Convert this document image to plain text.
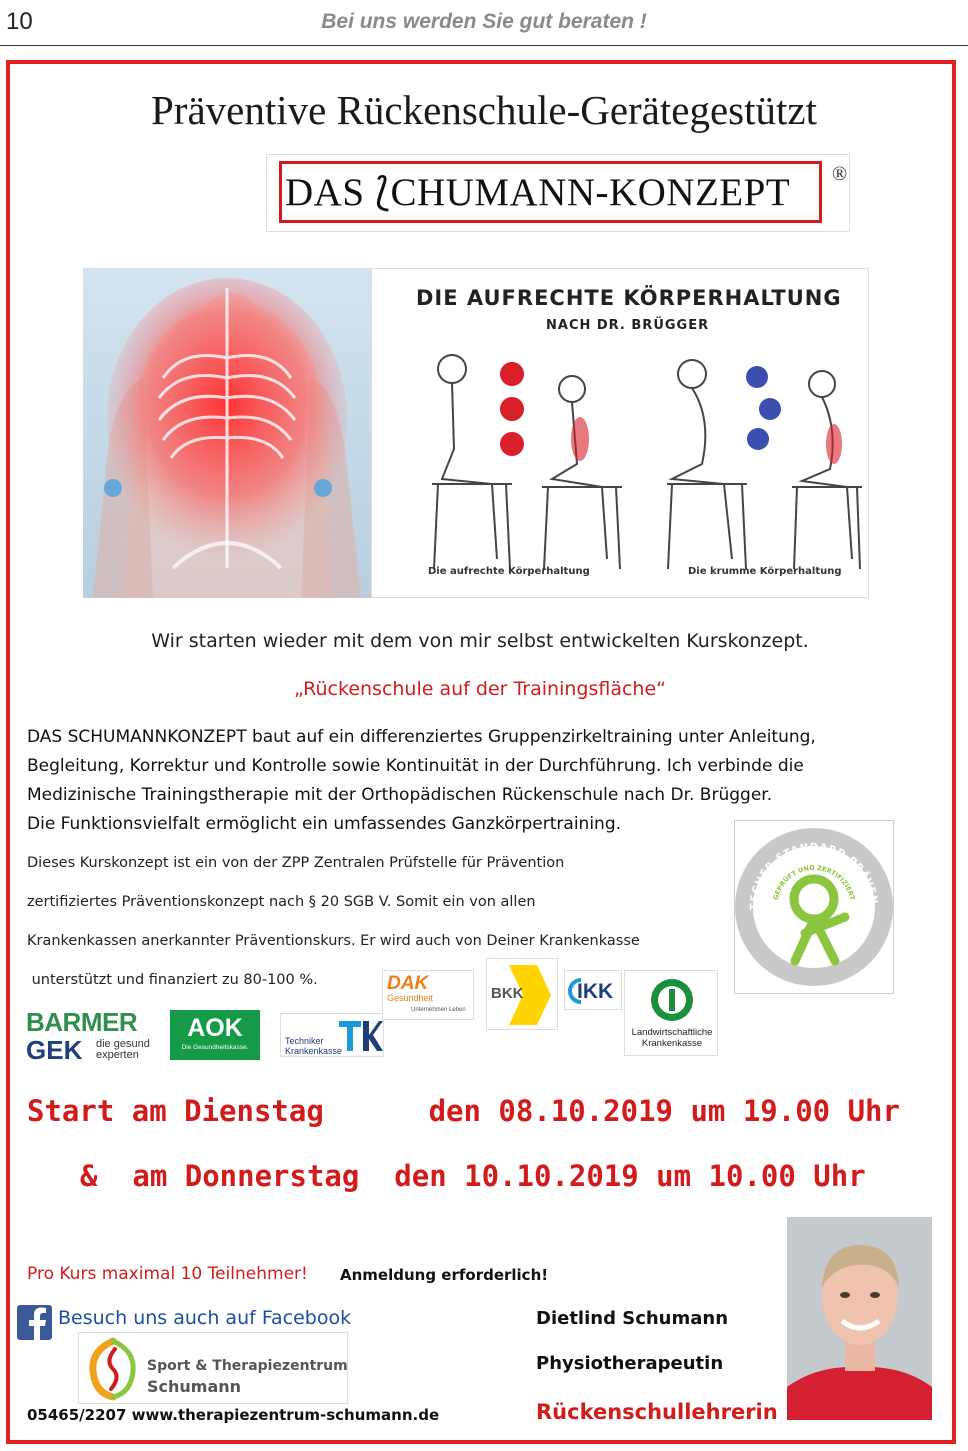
10	Bei uns werden Sie gut beraten !
Präventive Rückenschule-Gerätegestützt
DAS ⟅CHUMANN-KONZEPT ®
DIE AUFRECHTE KÖRPERHALTUNG
NACH DR. BRÜGGER
Die aufrechte Körperhaltung	Die krumme Körperhaltung
Wir starten wieder mit dem von mir selbst entwickelten Kurskonzept.
„Rückenschule auf der Trainingsfläche“
DAS SCHUMANNKONZEPT baut auf ein differenziertes Gruppenzirkeltraining unter Anleitung,
Begleitung, Korrektur und Kontrolle sowie Kontinuität in der Durchführung. Ich verbinde die
Medizinische Trainingstherapie mit der Orthopädischen Rückenschule nach Dr. Brügger.
Die Funktionsvielfalt ermöglicht ein umfassendes Ganzkörpertraining.
Dieses Kurskonzept ist ein von der ZPP Zentralen Prüfstelle für Prävention
zertifiziertes Präventionskonzept nach § 20 SGB V. Somit ein von allen
Krankenkassen anerkannter Präventionskurs. Er wird auch von Deiner Krankenkasse
unterstützt und finanziert zu 80-100 %.
TSCHER STANDARD PRÄVEN
GEPRÜFT UND ZERTIFIZIERT
BARMER
GEK die gesund
experten
AOK
Die Gesundheitskasse.
Techniker
Krankenkasse
DAK
Gesundheit
Unternehmen Leben
BKK	IKK
Landwirtschaftliche
Krankenkasse
Start am Dienstag      den 08.10.2019 um 19.00 Uhr
&  am Donnerstag  den 10.10.2019 um 10.00 Uhr
Pro Kurs maximal 10 Teilnehmer! Anmeldung erforderlich!
Besuch uns auch auf Facebook
Sport & Therapiezentrum
Schumann
05465/2207 www.therapiezentrum-schumann.de
Dietlind Schumann
Physiotherapeutin
Rückenschullehrerin
